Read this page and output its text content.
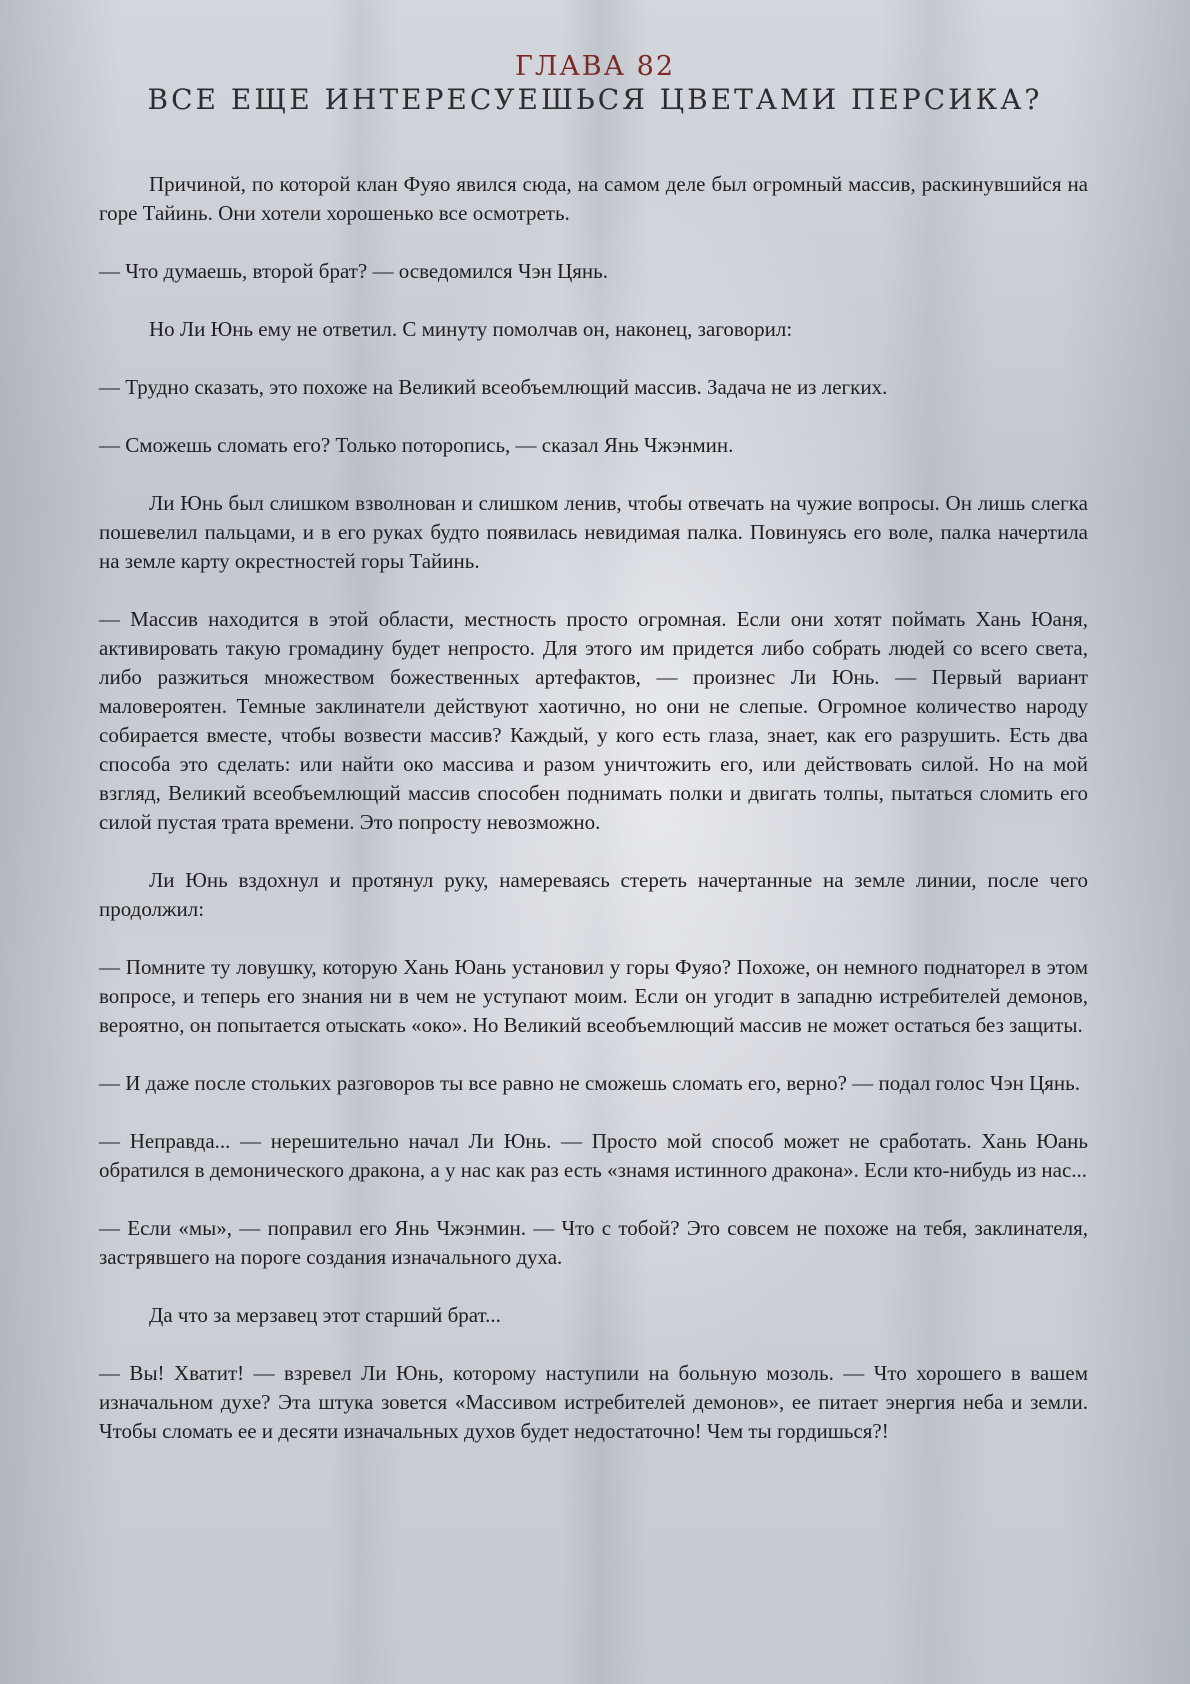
ГЛАВА 82
ВСЕ ЕЩЕ ИНТЕРЕСУЕШЬСЯ ЦВЕТАМИ ПЕРСИКА?

Причиной, по которой клан Фуяо явился сюда, на самом деле был огромный массив, раскинувшийся на горе Тайинь. Они хотели хорошенько все осмотреть.

— Что думаешь, второй брат? — осведомился Чэн Цянь.

Но Ли Юнь ему не ответил. С минуту помолчав он, наконец, заговорил:

— Трудно сказать, это похоже на Великий всеобъемлющий массив. Задача не из легких.

— Сможешь сломать его? Только поторопись, — сказал Янь Чжэнмин.

Ли Юнь был слишком взволнован и слишком ленив, чтобы отвечать на чужие вопросы. Он лишь слегка пошевелил пальцами, и в его руках будто появилась невидимая палка. Повинуясь его воле, палка начертила на земле карту окрестностей горы Тайинь.

— Массив находится в этой области, местность просто огромная. Если они хотят поймать Хань Юаня, активировать такую громадину будет непросто. Для этого им придется либо собрать людей со всего света, либо разжиться множеством божественных артефактов, — произнес Ли Юнь. — Первый вариант маловероятен. Темные заклинатели действуют хаотично, но они не слепые. Огромное количество народу собирается вместе, чтобы возвести массив? Каждый, у кого есть глаза, знает, как его разрушить. Есть два способа это сделать: или найти око массива и разом уничтожить его, или действовать силой. Но на мой взгляд, Великий всеобъемлющий массив способен поднимать полки и двигать толпы, пытаться сломить его силой пустая трата времени. Это попросту невозможно.

Ли Юнь вздохнул и протянул руку, намереваясь стереть начертанные на земле линии, после чего продолжил:

— Помните ту ловушку, которую Хань Юань установил у горы Фуяо? Похоже, он немного поднаторел в этом вопросе, и теперь его знания ни в чем не уступают моим. Если он угодит в западню истребителей демонов, вероятно, он попытается отыскать «око». Но Великий всеобъемлющий массив не может остаться без защиты.

— И даже после стольких разговоров ты все равно не сможешь сломать его, верно? — подал голос Чэн Цянь.

— Неправда... — нерешительно начал Ли Юнь. — Просто мой способ может не сработать. Хань Юань обратился в демонического дракона, а у нас как раз есть «знамя истинного дракона». Если кто-нибудь из нас...

— Если «мы», — поправил его Янь Чжэнмин. — Что с тобой? Это совсем не похоже на тебя, заклинателя, застрявшего на пороге создания изначального духа.

Да что за мерзавец этот старший брат...

— Вы! Хватит! — взревел Ли Юнь, которому наступили на больную мозоль. — Что хорошего в вашем изначальном духе? Эта штука зовется «Массивом истребителей демонов», ее питает энергия неба и земли. Чтобы сломать ее и десяти изначальных духов будет недостаточно! Чем ты гордишься?!
